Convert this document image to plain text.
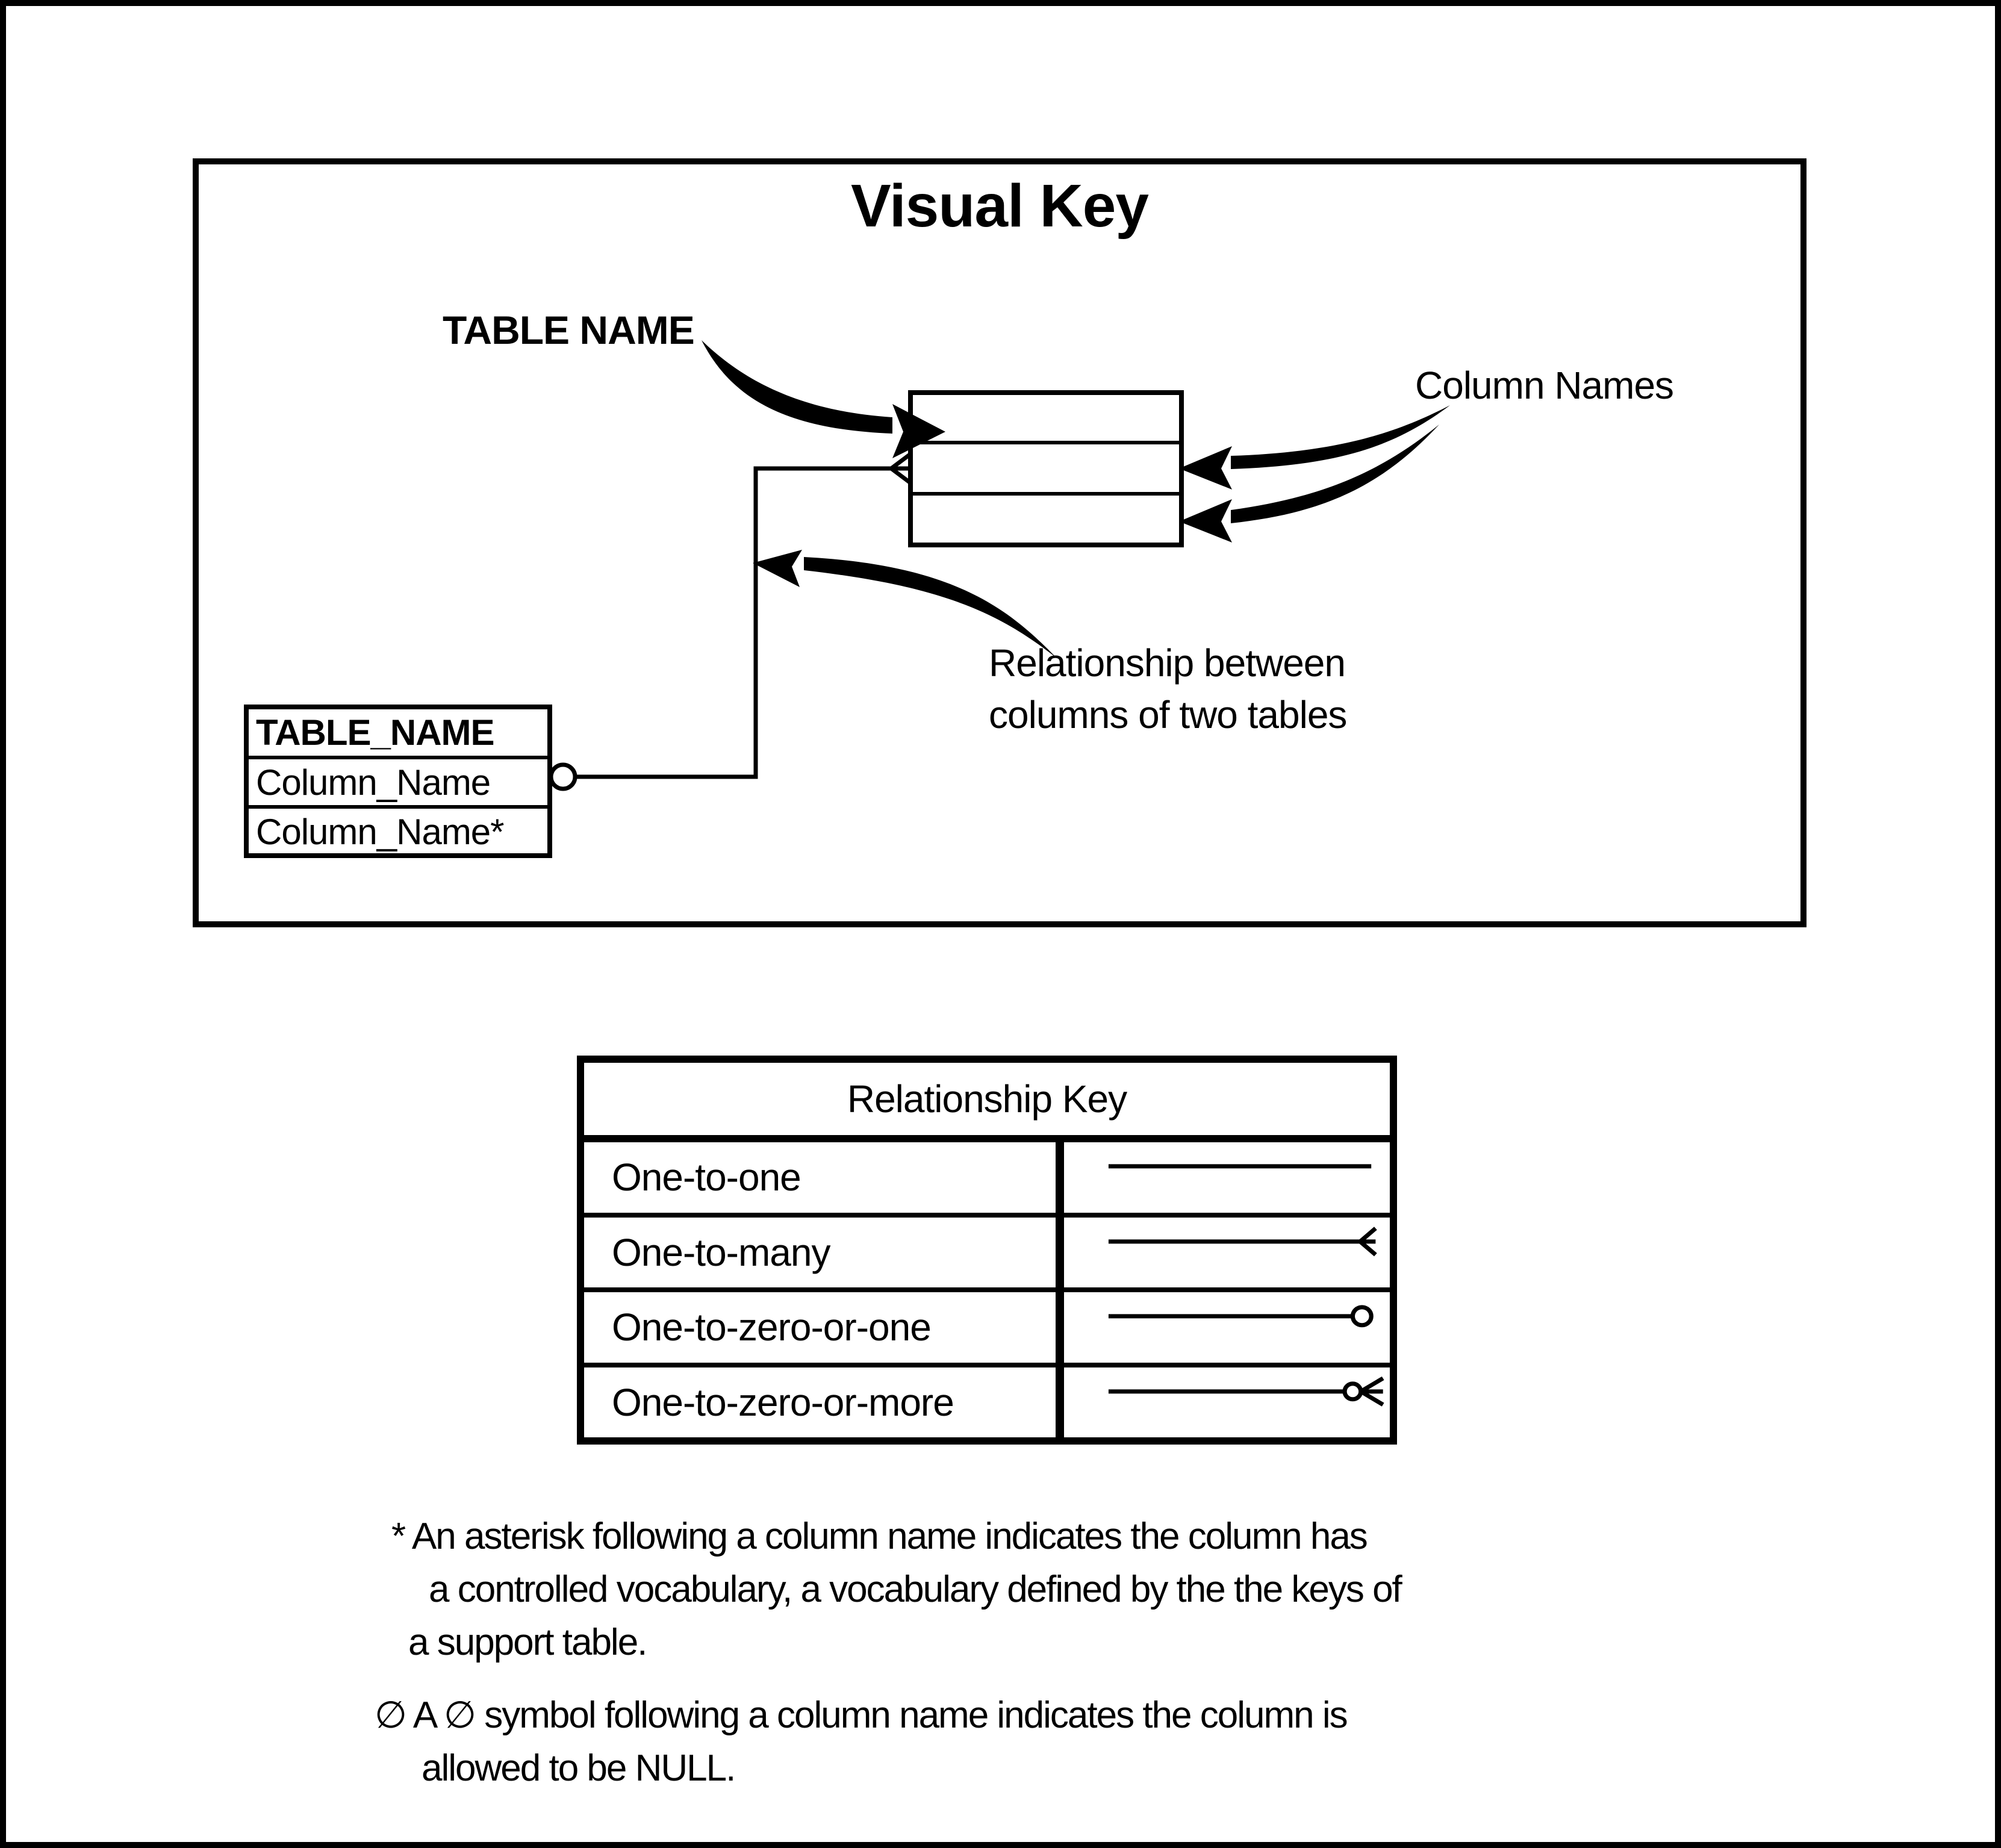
Visual Key
TABLE NAME
Column Names
Relationship between
columns of two tables
TABLE_NAME
Column_Name
Column_Name*
Relationship Key
One-to-one
One-to-many
One-to-zero-or-one
One-to-zero-or-more
* An asterisk following a column name indicates the column has
a controlled vocabulary, a vocabulary defined by the the keys of
a support table.
∅ A ∅ symbol following a column name indicates the column is
allowed to be NULL.
